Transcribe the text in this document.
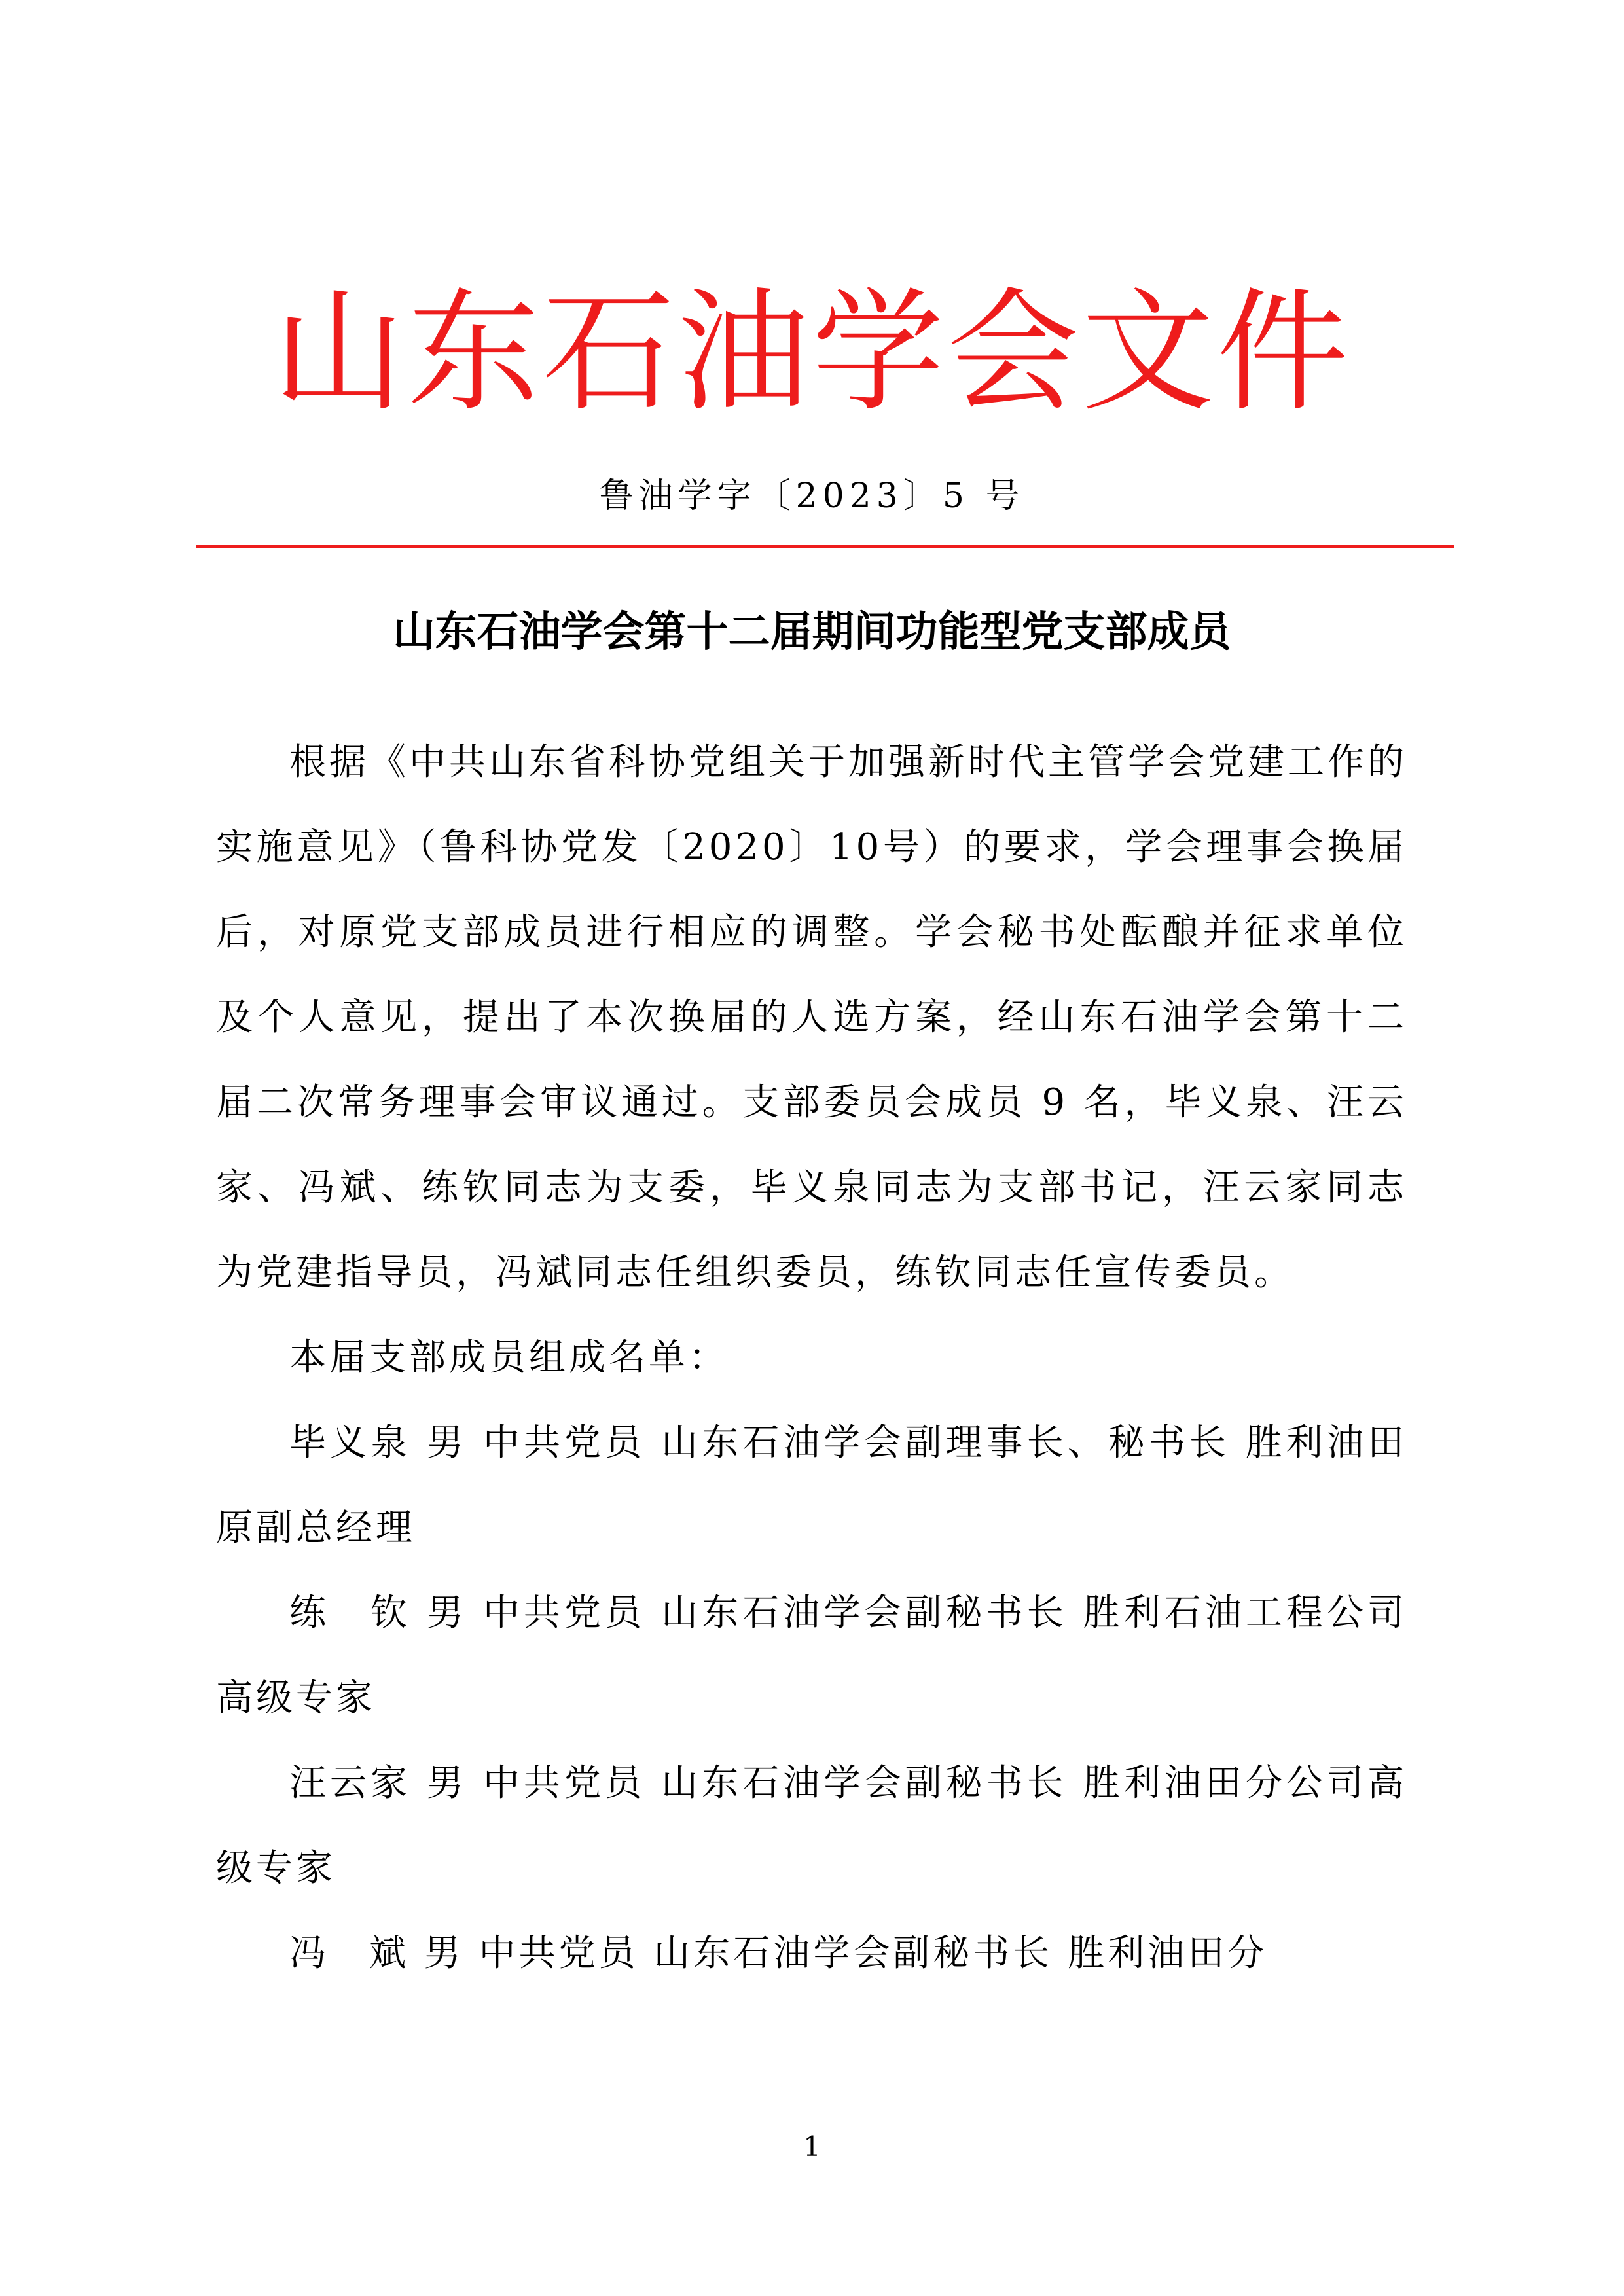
山东石油学会文件
鲁油学字〔2023〕5 号
山东石油学会第十二届期间功能型党支部成员

根据《中共山东省科协党组关于加强新时代主管学会党建工作的实施意见》（鲁科协党发〔2020〕10号）的要求，学会理事会换届后，对原党支部成员进行相应的调整。学会秘书处酝酿并征求单位及个人意见，提出了本次换届的人选方案，经山东石油学会第十二届二次常务理事会审议通过。支部委员会成员 9 名，毕义泉、汪云家、冯斌、练钦同志为支委，毕义泉同志为支部书记，汪云家同志为党建指导员，冯斌同志任组织委员，练钦同志任宣传委员。

本届支部成员组成名单：

毕义泉 男 中共党员 山东石油学会副理事长、秘书长 胜利油田原副总经理

练　钦 男 中共党员 山东石油学会副秘书长 胜利石油工程公司高级专家

汪云家 男 中共党员 山东石油学会副秘书长 胜利油田分公司高级专家

冯　斌 男 中共党员 山东石油学会副秘书长 胜利油田分

1
